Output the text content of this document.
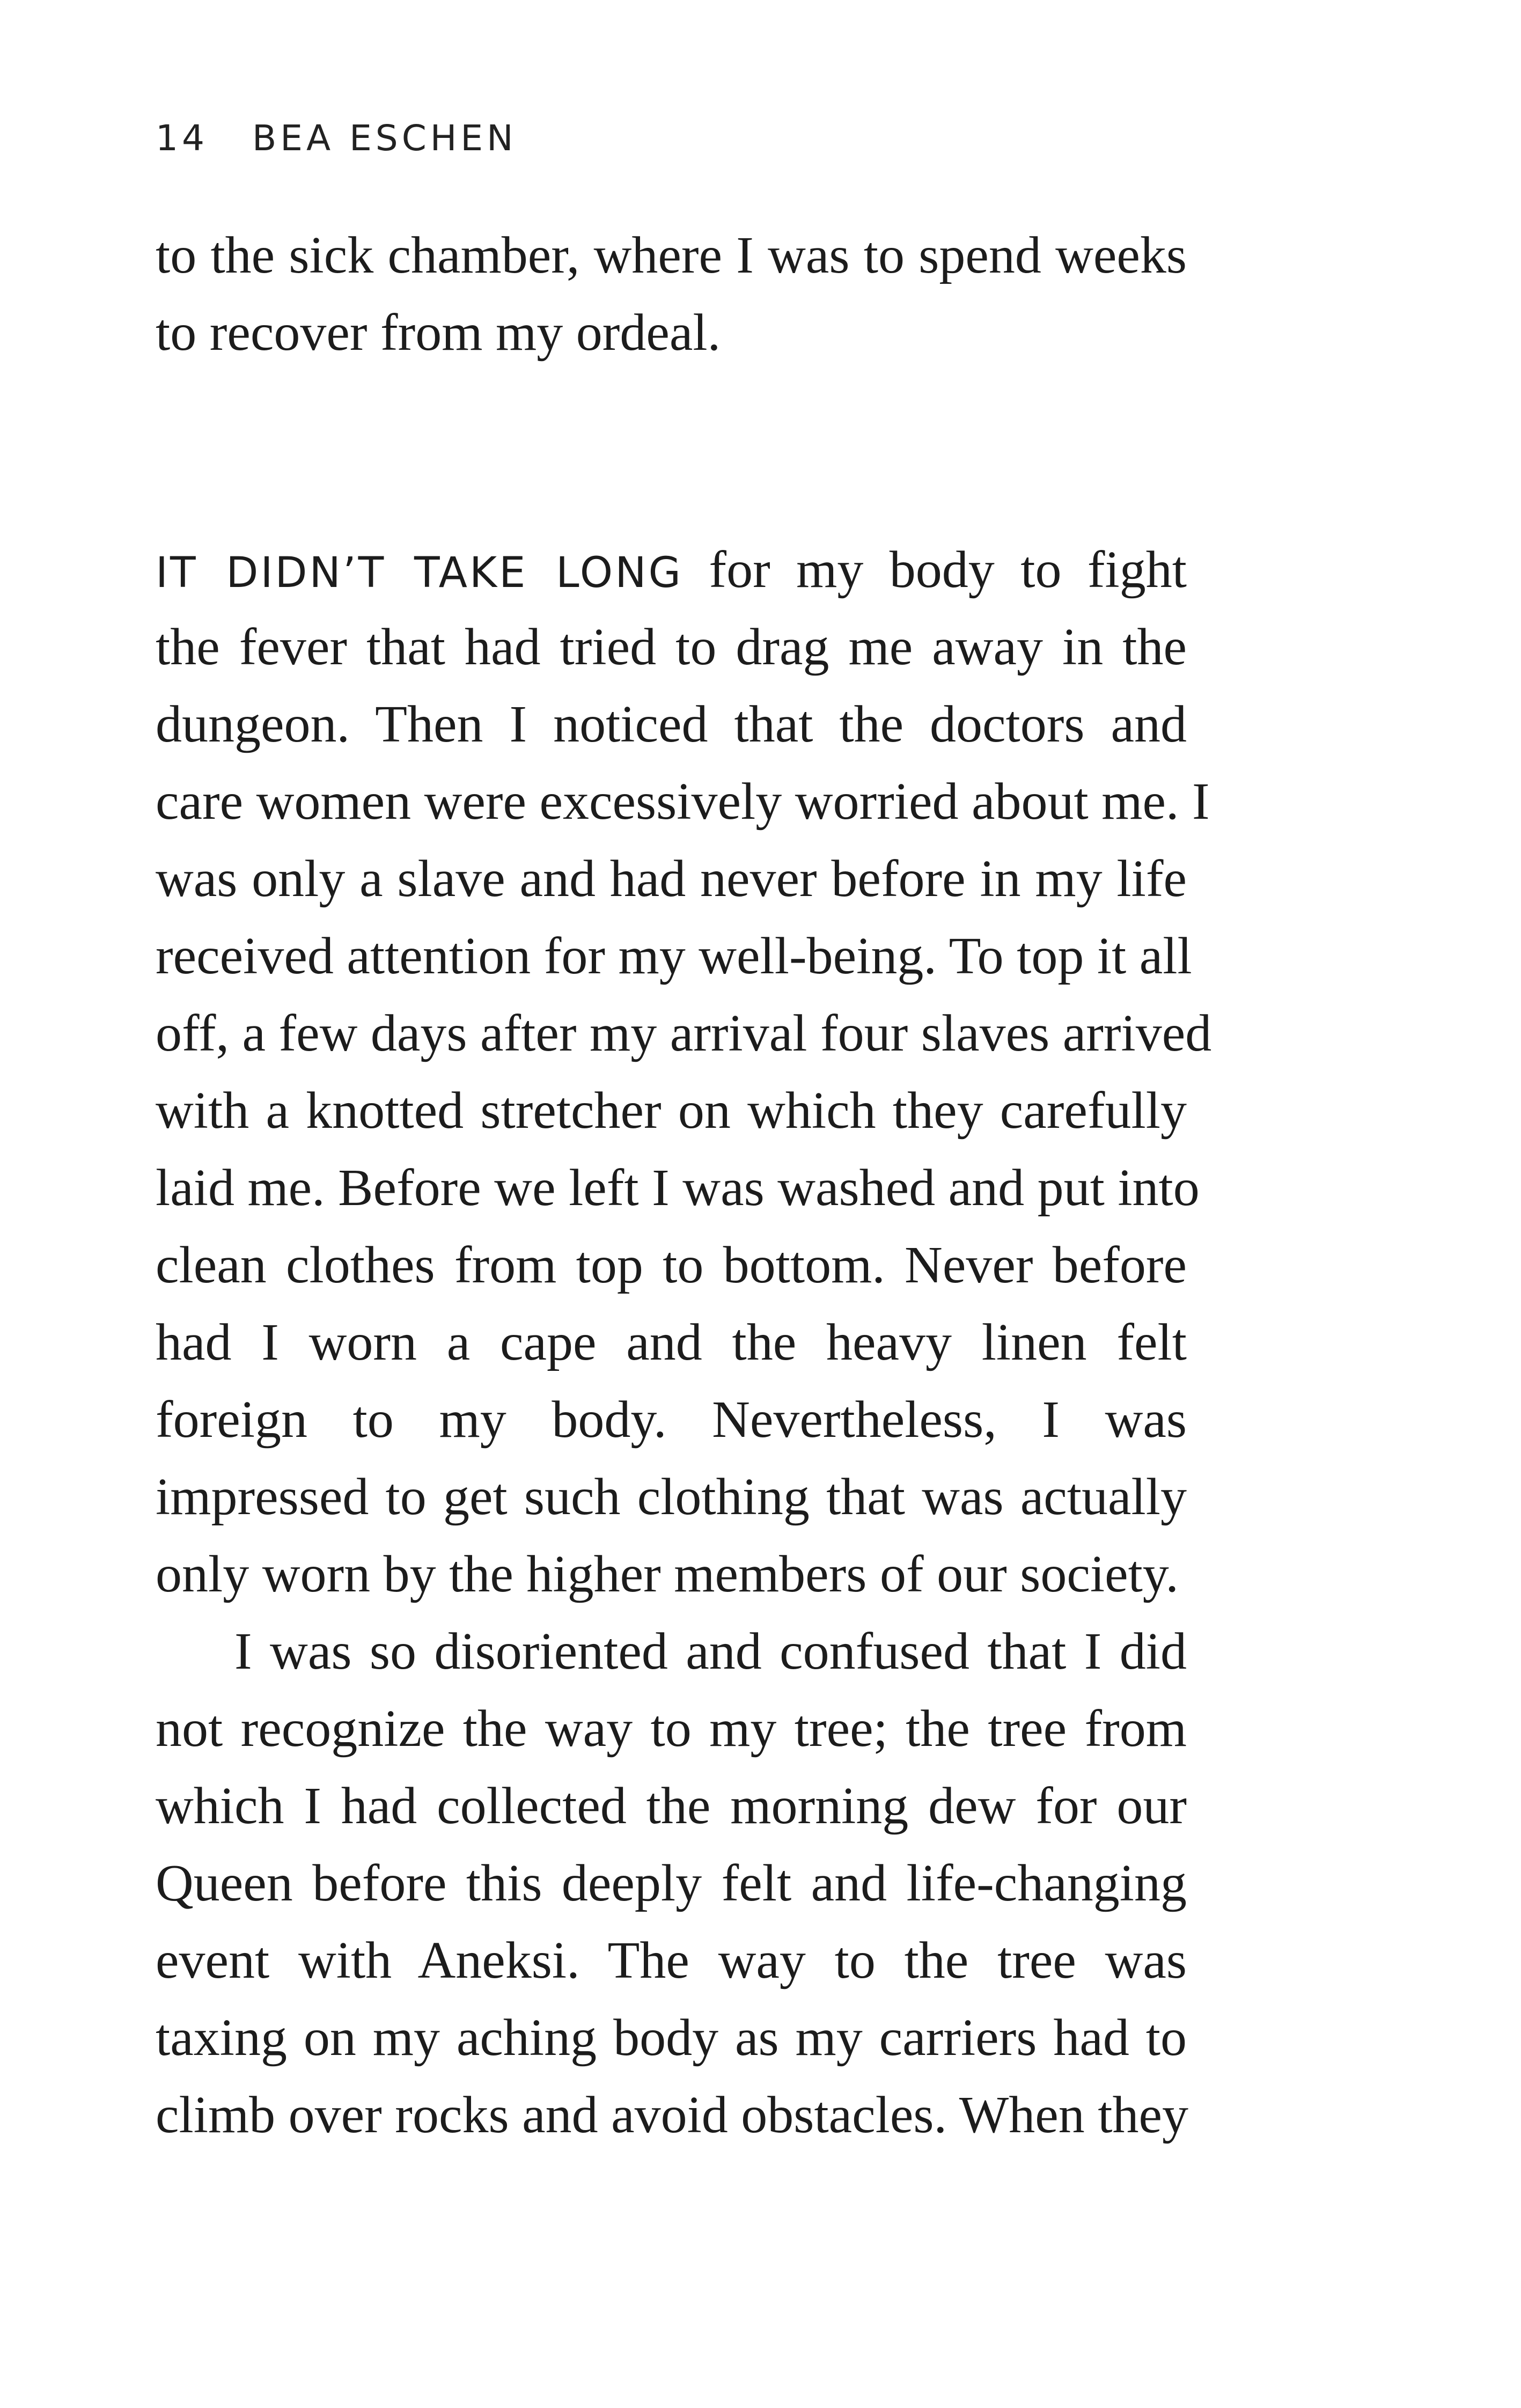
14 BEA ESCHEN
to the sick chamber, where I was to spend weeks
to recover from my ordeal.
IT DIDN’T TAKE LONG for my body to fight
the fever that had tried to drag me away in the
dungeon. Then I noticed that the doctors and
care women were excessively worried about me. I
was only a slave and had never before in my life
received attention for my well-being. To top it all
off, a few days after my arrival four slaves arrived
with a knotted stretcher on which they carefully
laid me. Before we left I was washed and put into
clean clothes from top to bottom. Never before
had I worn a cape and the heavy linen felt
foreign to my body. Nevertheless, I was
impressed to get such clothing that was actually
only worn by the higher members of our society.
I was so disoriented and confused that I did
not recognize the way to my tree; the tree from
which I had collected the morning dew for our
Queen before this deeply felt and life-changing
event with Aneksi. The way to the tree was
taxing on my aching body as my carriers had to
climb over rocks and avoid obstacles. When they
